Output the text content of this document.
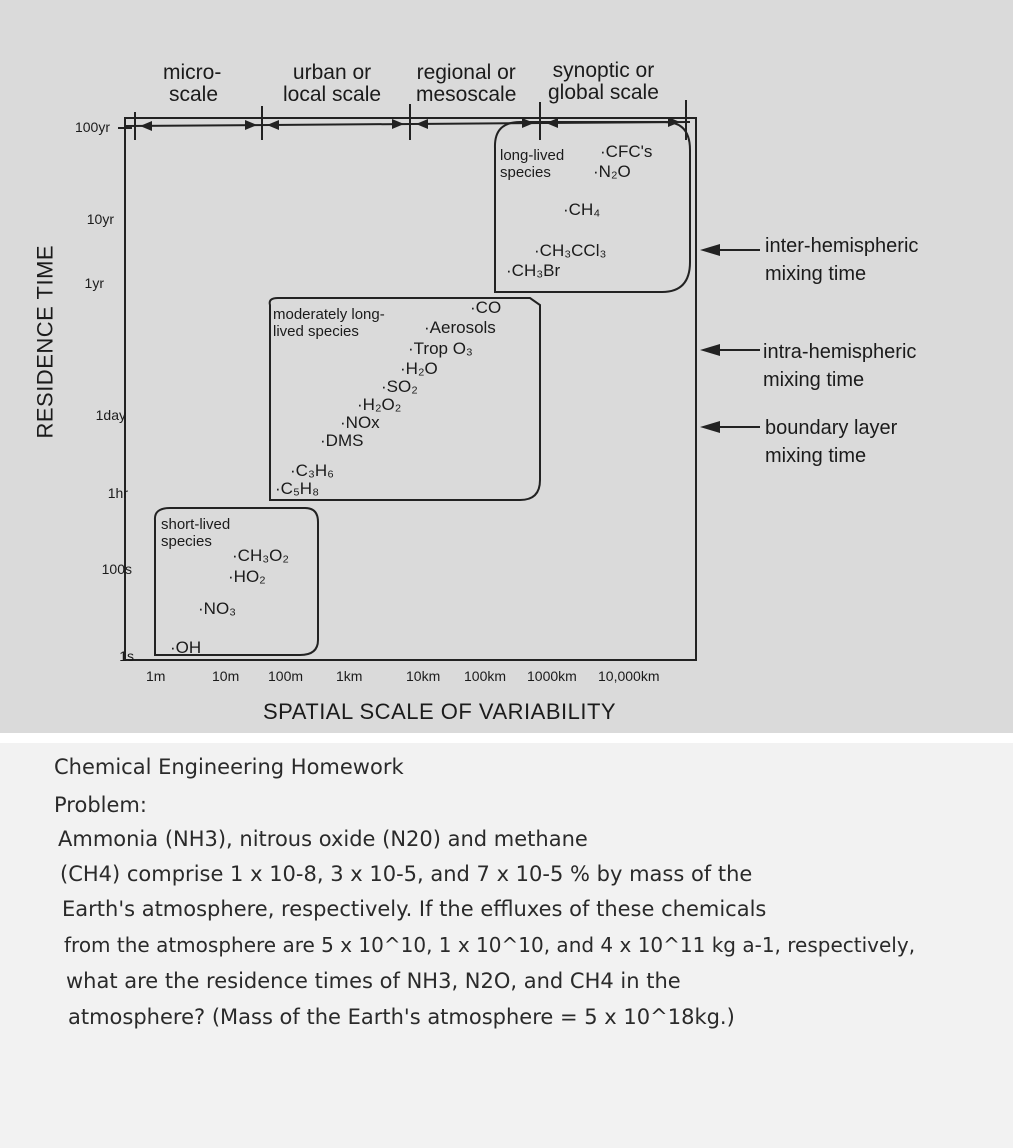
micro-
scale
urban or
local scale
regional or
mesoscale
synoptic or
global scale
RESIDENCE TIME
100yr
10yr
1yr
1day
1hr
100s
1s
1m	10m 100m 1km	10km 100km 1000km 10,000km
SPATIAL SCALE OF VARIABILITY
long-lived
species
·CFC's
·N₂O
·CH₄
·CH₃CCl₃
·CH₃Br
moderately long-
lived species
·CO
·Aerosols
·Trop O₃
·H₂O
·SO₂
·H₂O₂
·NOx
·DMS
·C₃H₆
·C₅H₈
short-lived
species
·CH₃O₂
·HO₂
·NO₃
·OH
inter-hemispheric
mixing time
intra-hemispheric
mixing time
boundary layer
mixing time
Chemical Engineering Homework
Problem:
Ammonia (NH3), nitrous oxide (N20) and methane
(CH4) comprise 1 x 10-8, 3 x 10-5, and 7 x 10-5 % by mass of the
Earth's atmosphere, respectively. If the effluxes of these chemicals
from the atmosphere are 5 x 10^10, 1 x 10^10, and 4 x 10^11 kg a-1, respectively,
what are the residence times of NH3, N2O, and CH4 in the
atmosphere? (Mass of the Earth's atmosphere = 5 x 10^18kg.)
